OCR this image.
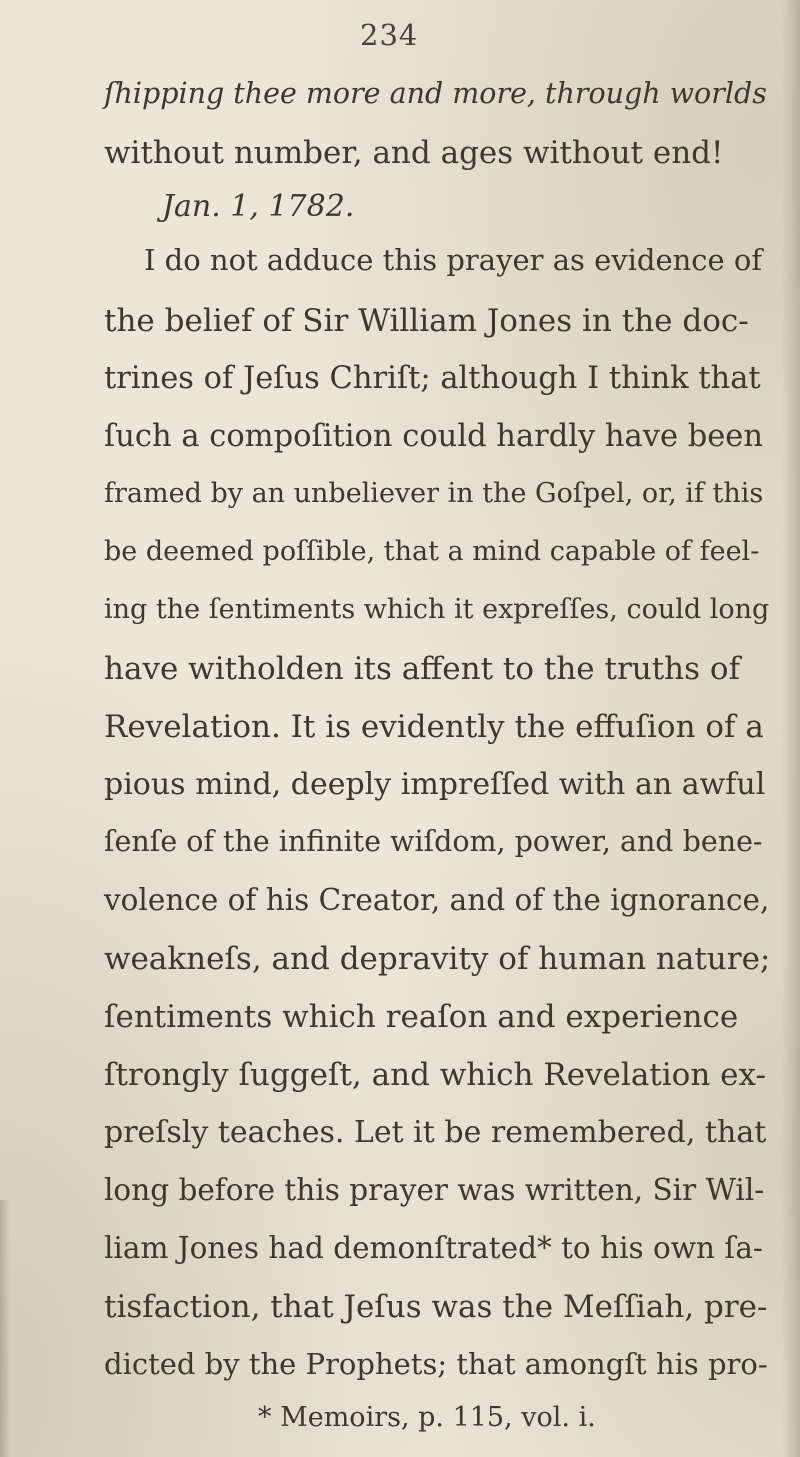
234
ſhipping thee more and more, through worlds
without number, and ages without end!
Jan. 1, 1782.
I do not adduce this prayer as evidence of
the belief of Sir William Jones in the doc-
trines of Jeſus Chriſt; although I think that
ſuch a compoſition could hardly have been
framed by an unbeliever in the Goſpel, or, if this
be deemed poſſible, that a mind capable of feel-
ing the ſentiments which it expreſſes, could long
have witholden its affent to the truths of
Revelation. It is evidently the effuſion of a
pious mind, deeply impreſſed with an awful
ſenſe of the infinite wiſdom, power, and bene-
volence of his Creator, and of the ignorance,
weakneſs, and depravity of human nature;
ſentiments which reaſon and experience
ſtrongly ſuggeſt, and which Revelation ex-
preſsly teaches. Let it be remembered, that
long before this prayer was written, Sir Wil-
liam Jones had demonſtrated* to his own ſa-
tisfaction, that Jeſus was the Meſſiah, pre-
dicted by the Prophets; that amongſt his pro-
* Memoirs, p. 115, vol. i.
